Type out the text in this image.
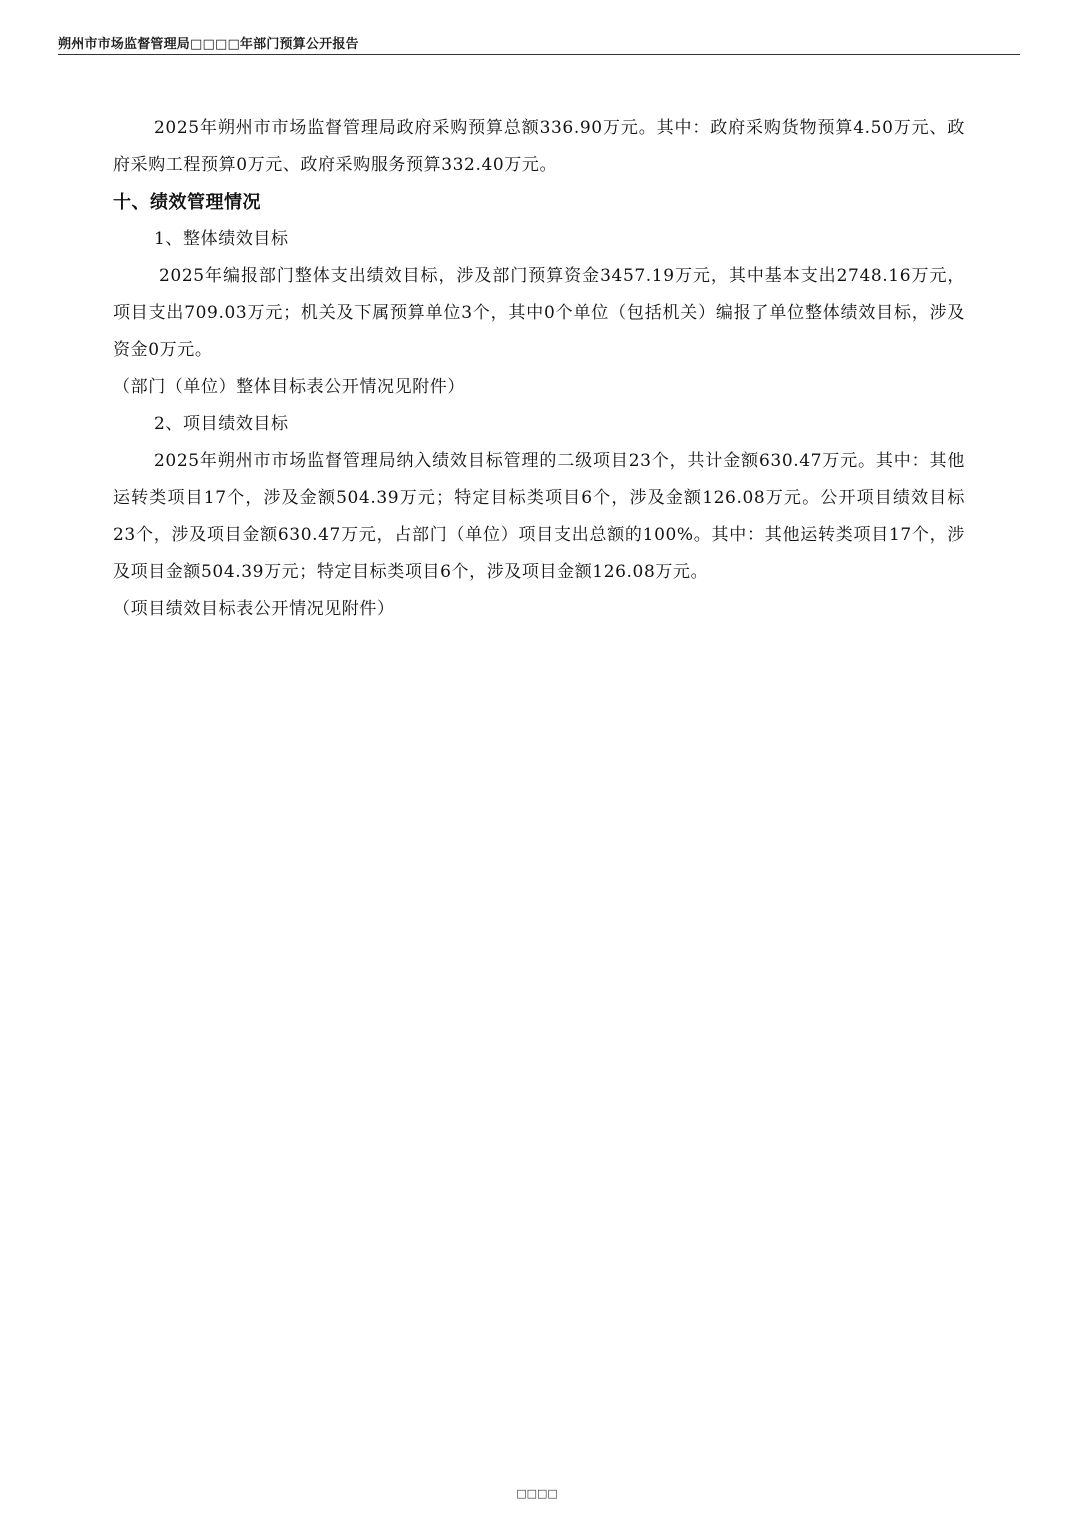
朔州市市场监督管理局□□□□年部门预算公开报告

2025年朔州市市场监督管理局政府采购预算总额336.90万元。其中：政府采购货物预算4.50万元、政府采购工程预算0万元、政府采购服务预算332.40万元。

十、绩效管理情况

1、整体绩效目标

2025年编报部门整体支出绩效目标，涉及部门预算资金3457.19万元，其中基本支出2748.16万元，项目支出709.03万元；机关及下属预算单位3个，其中0个单位（包括机关）编报了单位整体绩效目标，涉及资金0万元。

（部门（单位）整体目标表公开情况见附件）

2、项目绩效目标

2025年朔州市市场监督管理局纳入绩效目标管理的二级项目23个，共计金额630.47万元。其中：其他运转类项目17个，涉及金额504.39万元；特定目标类项目6个，涉及金额126.08万元。公开项目绩效目标23个，涉及项目金额630.47万元，占部门（单位）项目支出总额的100%。其中：其他运转类项目17个，涉及项目金额504.39万元；特定目标类项目6个，涉及项目金额126.08万元。

（项目绩效目标表公开情况见附件）

□□□□
